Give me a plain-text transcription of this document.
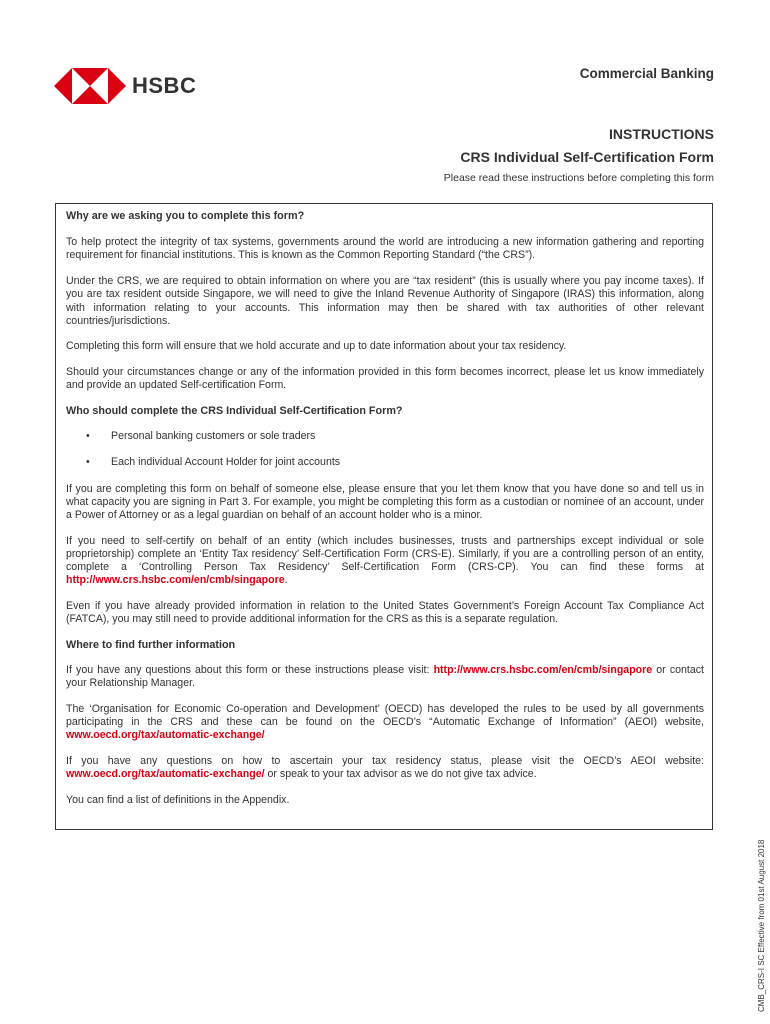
HSBC	Commercial Banking
INSTRUCTIONS
CRS Individual Self-Certification Form
Please read these instructions before completing this form
Why are we asking you to complete this form?

To help protect the integrity of tax systems, governments around the world are introducing a new information gathering and reporting requirement for financial institutions. This is known as the Common Reporting Standard (“the CRS”).

Under the CRS, we are required to obtain information on where you are “tax resident” (this is usually where you pay income taxes). If you are tax resident outside Singapore, we will need to give the Inland Revenue Authority of Singapore (IRAS) this information, along with information relating to your accounts. This information may then be shared with tax authorities of other relevant countries/jurisdictions.

Completing this form will ensure that we hold accurate and up to date information about your tax residency.

Should your circumstances change or any of the information provided in this form becomes incorrect, please let us know immediately and provide an updated Self-certification Form.

Who should complete the CRS Individual Self-Certification Form?
• Personal banking customers or sole traders
• Each individual Account Holder for joint accounts

If you are completing this form on behalf of someone else, please ensure that you let them know that you have done so and tell us in what capacity you are signing in Part 3. For example, you might be completing this form as a custodian or nominee of an account, under a Power of Attorney or as a legal guardian on behalf of an account holder who is a minor.

If you need to self-certify on behalf of an entity (which includes businesses, trusts and partnerships except individual or sole proprietorship) complete an ‘Entity Tax residency’ Self-Certification Form (CRS-E). Similarly, if you are a controlling person of an entity, complete a ‘Controlling Person Tax Residency’ Self-Certification Form (CRS-CP). You can find these forms at http://www.crs.hsbc.com/en/cmb/singapore.

Even if you have already provided information in relation to the United States Government’s Foreign Account Tax Compliance Act (FATCA), you may still need to provide additional information for the CRS as this is a separate regulation.

Where to find further information

If you have any questions about this form or these instructions please visit: http://www.crs.hsbc.com/en/cmb/singapore or contact your Relationship Manager.

The ‘Organisation for Economic Co-operation and Development’ (OECD) has developed the rules to be used by all governments participating in the CRS and these can be found on the OECD’s “Automatic Exchange of Information” (AEOI) website, www.oecd.org/tax/automatic-exchange/

If you have any questions on how to ascertain your tax residency status, please visit the OECD’s AEOI website: www.oecd.org/tax/automatic-exchange/ or speak to your tax advisor as we do not give tax advice.

You can find a list of definitions in the Appendix.

CMB_CRS-I SC Effective from 01st August 2018
